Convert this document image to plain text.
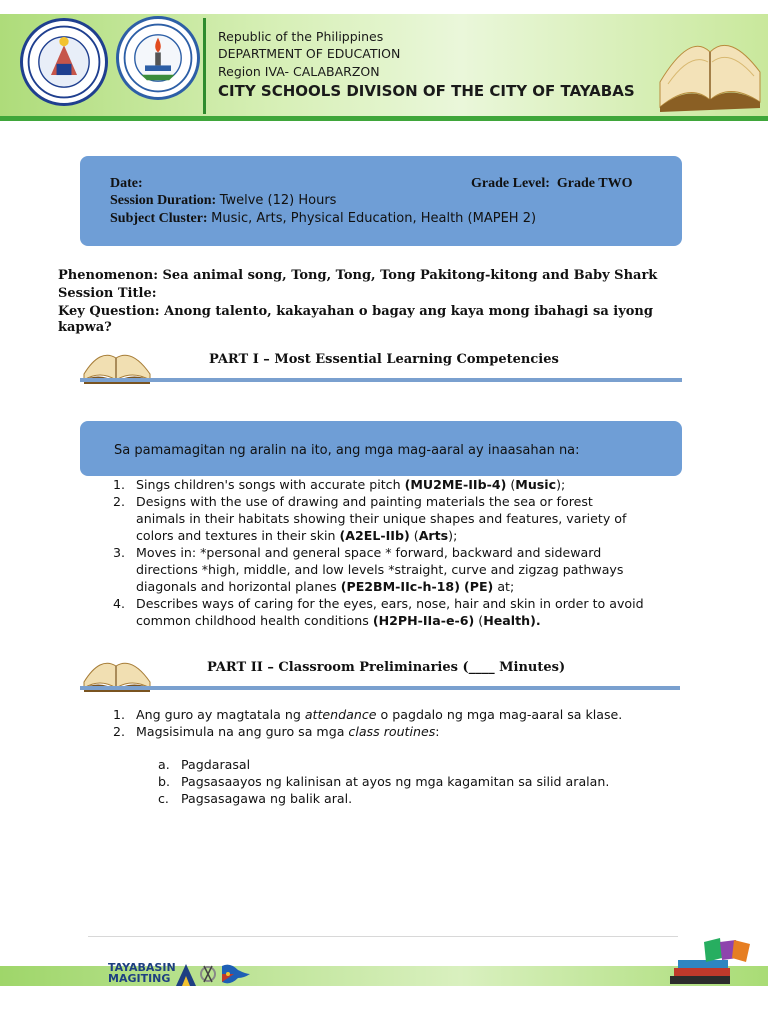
Republic of the Philippines
DEPARTMENT OF EDUCATION
Region IVA- CALABARZON
CITY SCHOOLS DIVISON OF THE CITY OF TAYABAS
Date:	Grade Level: Grade TWO
Session Duration: Twelve (12) Hours
Subject Cluster: Music, Arts, Physical Education, Health (MAPEH 2)
Phenomenon: Sea animal song, Tong, Tong, Tong Pakitong-kitong and Baby Shark
Session Title:
Key Question: Anong talento, kakayahan o bagay ang kaya mong ibahagi sa iyong
kapwa?
PART I – Most Essential Learning Competencies
Sa pamamagitan ng aralin na ito, ang mga mag-aaral ay inaasahan na:
1. Sings children's songs with accurate pitch (MU2ME-IIb-4) (Music);
2. Designs with the use of drawing and painting materials the sea or forest
animals in their habitats showing their unique shapes and features, variety of
colors and textures in their skin (A2EL-IIb) (Arts);
3. Moves in: *personal and general space * forward, backward and sideward
directions *high, middle, and low levels *straight, curve and zigzag pathways
diagonals and horizontal planes (PE2BM-IIc-h-18) (PE) at;
4. Describes ways of caring for the eyes, ears, nose, hair and skin in order to avoid
common childhood health conditions (H2PH-IIa-e-6) (Health).
PART II – Classroom Preliminaries (____ Minutes)
1. Ang guro ay magtatala ng attendance o pagdalo ng mga mag-aaral sa klase.
2. Magsisimula na ang guro sa mga class routines:
a. Pagdarasal
b. Pagsasaayos ng kalinisan at ayos ng mga kagamitan sa silid aralan.
c. Pagsasagawa ng balik aral.
TAYABASIN
MAGITING
